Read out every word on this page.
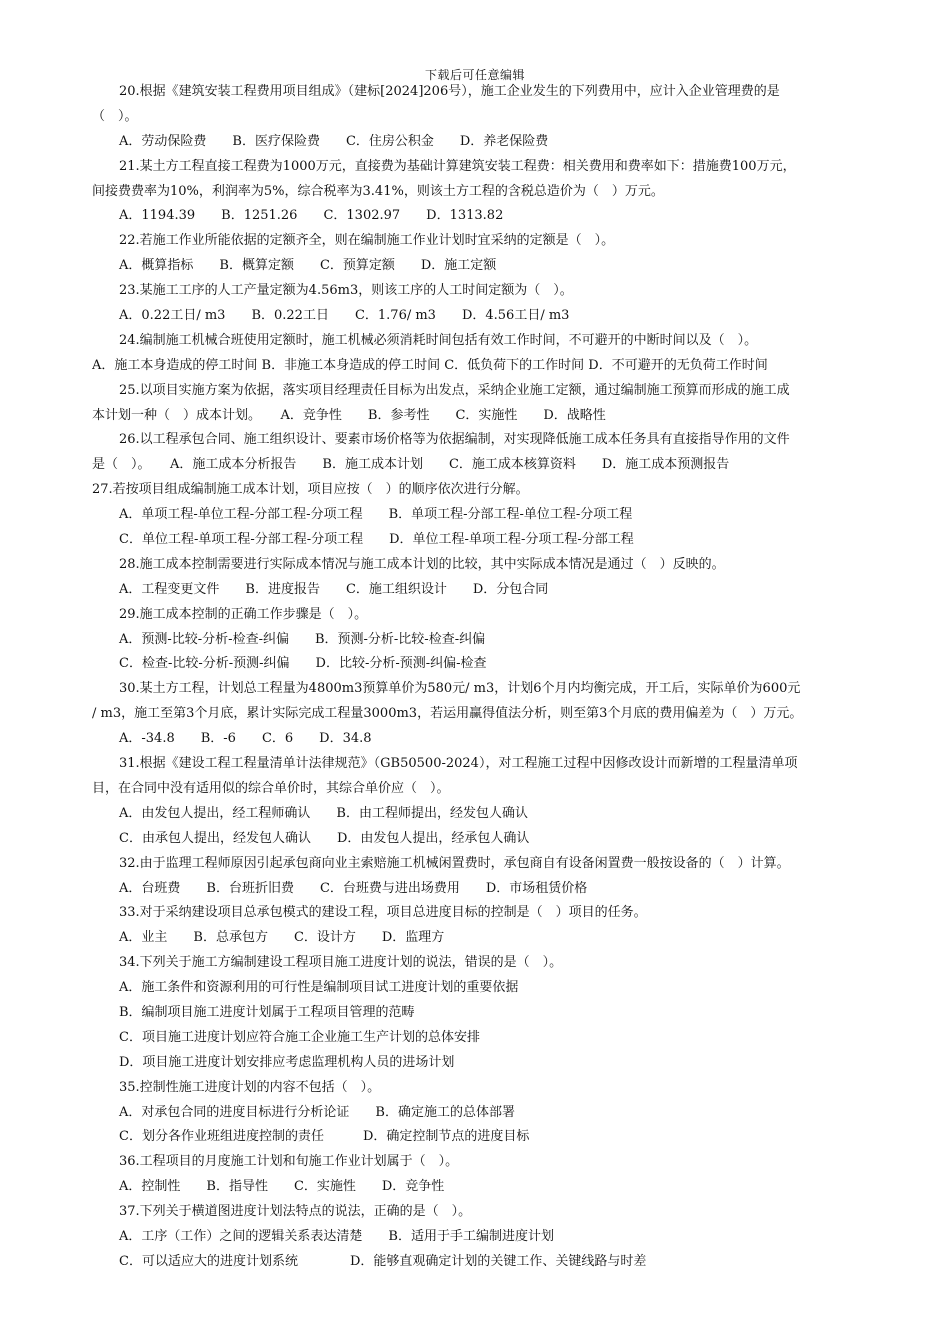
下载后可任意编辑
20.根据《建筑安装工程费用项目组成》（建标[2024]206号），施工企业发生的下列费用中，应计入企业管理费的是
（　）。
A．劳动保险费　　B．医疗保险费　　C．住房公积金　　D．养老保险费
21.某土方工程直接工程费为1000万元，直接费为基础计算建筑安装工程费：相关费用和费率如下：措施费100万元，
间接费费率为10%，利润率为5%，综合税率为3.41%，则该土方工程的含税总造价为（　）万元。
A．1194.39　　B．1251.26　　C．1302.97　　D．1313.82
22.若施工作业所能依据的定额齐全，则在编制施工作业计划时宜采纳的定额是（　）。
A．概算指标　　B．概算定额　　C．预算定额　　D．施工定额
23.某施工工序的人工产量定额为4.56m3，则该工序的人工时间定额为（　）。
A．0.22工日/ m3　　B．0.22工日　　C．1.76/ m3　　D．4.56工日/ m3
24.编制施工机械合班使用定额时，施工机械必须消耗时间包括有效工作时间，不可避开的中断时间以及（　）。
A．施工本身造成的停工时间 B．非施工本身造成的停工时间 C．低负荷下的工作时间 D．不可避开的无负荷工作时间
25.以项目实施方案为依据，落实项目经理责任目标为出发点，采纳企业施工定额，通过编制施工预算而形成的施工成
本计划一种（　）成本计划。　　A．竞争性　　B．参考性　　C．实施性　　D．战略性
26.以工程承包合同、施工组织设计、要素市场价格等为依据编制，对实现降低施工成本任务具有直接指导作用的文件
是（　）。　　A．施工成本分析报告　　B．施工成本计划　　C．施工成本核算资料　　D．施工成本预测报告
27.若按项目组成编制施工成本计划，项目应按（　）的顺序依次进行分解。
A．单项工程-单位工程-分部工程-分项工程　　B．单项工程-分部工程-单位工程-分项工程
C．单位工程-单项工程-分部工程-分项工程　　D．单位工程-单项工程-分项工程-分部工程
28.施工成本控制需要进行实际成本情况与施工成本计划的比较，其中实际成本情况是通过（　）反映的。
A．工程变更文件　　B．进度报告　　C．施工组织设计　　D．分包合同
29.施工成本控制的正确工作步骤是（　）。
A．预测-比较-分析-检查-纠偏　　B．预测-分析-比较-检查-纠偏
C．检查-比较-分析-预测-纠偏　　D．比较-分析-预测-纠偏-检查
30.某土方工程，计划总工程量为4800m3预算单价为580元/ m3，计划6个月内均衡完成，开工后，实际单价为600元
/ m3，施工至第3个月底，累计实际完成工程量3000m3，若运用赢得值法分析，则至第3个月底的费用偏差为（　）万元。
A．-34.8　　B．-6　　C．6　　D．34.8
31.根据《建设工程工程量清单计法律规范》（GB50500-2024），对工程施工过程中因修改设计而新增的工程量清单项
目，在合同中没有适用似的综合单价时，其综合单价应（　）。
A．由发包人提出，经工程师确认　　B．由工程师提出，经发包人确认
C．由承包人提出，经发包人确认　　D．由发包人提出，经承包人确认
32.由于监理工程师原因引起承包商向业主索赔施工机械闲置费时，承包商自有设备闲置费一般按设备的（　）计算。
A．台班费　　B．台班折旧费　　C．台班费与进出场费用　　D．市场租赁价格
33.对于采纳建设项目总承包模式的建设工程，项目总进度目标的控制是（　）项目的任务。
A．业主　　B．总承包方　　C．设计方　　D．监理方
34.下列关于施工方编制建设工程项目施工进度计划的说法，错误的是（　）。
A．施工条件和资源利用的可行性是编制项目试工进度计划的重要依据
B．编制项目施工进度计划属于工程项目管理的范畴
C．项目施工进度计划应符合施工企业施工生产计划的总体安排
D．项目施工进度计划安排应考虑监理机构人员的进场计划
35.控制性施工进度计划的内容不包括（　）。
A．对承包合同的进度目标进行分析论证　　B．确定施工的总体部署
C．划分各作业班组进度控制的责任　　　D．确定控制节点的进度目标
36.工程项目的月度施工计划和旬施工作业计划属于（　）。
A．控制性　　B．指导性　　C．实施性　　D．竞争性
37.下列关于横道图进度计划法特点的说法，正确的是（　）。
A．工序（工作）之间的逻辑关系表达清楚　　B．适用于手工编制进度计划
C．可以适应大的进度计划系统　　　　D．能够直观确定计划的关键工作、关键线路与时差
